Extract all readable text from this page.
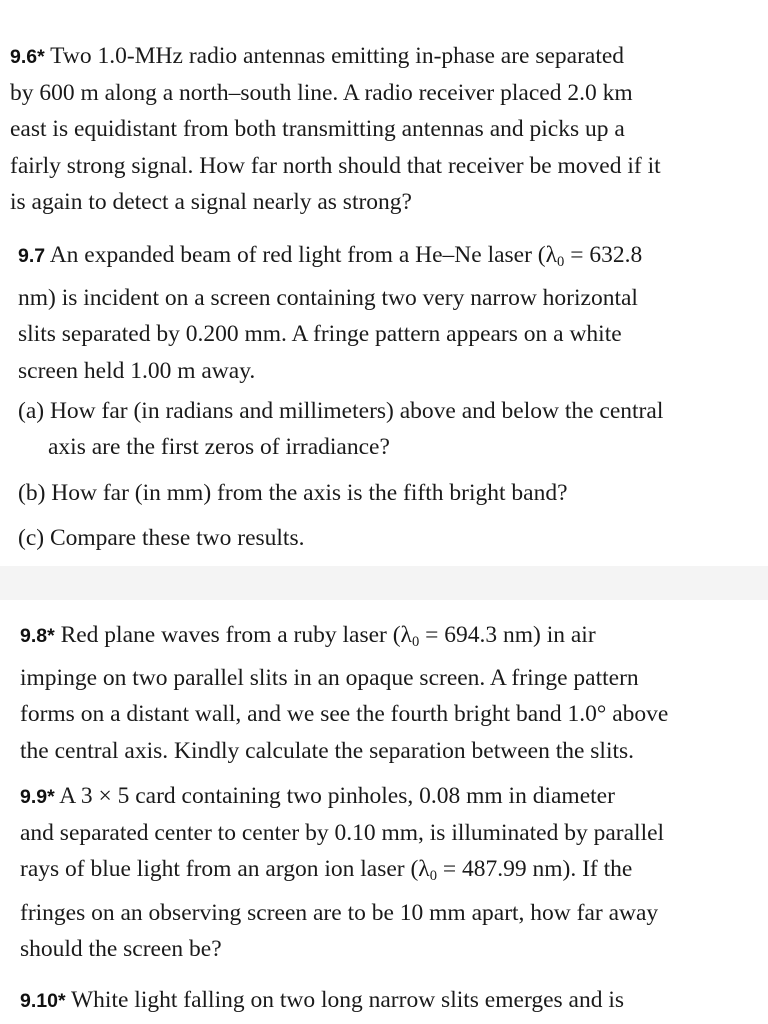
9.6* Two 1.0-MHz radio antennas emitting in-phase are separated
by 600 m along a north–south line. A radio receiver placed 2.0 km
east is equidistant from both transmitting antennas and picks up a
fairly strong signal. How far north should that receiver be moved if it
is again to detect a signal nearly as strong?
9.7 An expanded beam of red light from a He–Ne laser ($\lambda_0 = 632.8$
nm) is incident on a screen containing two very narrow horizontal
slits separated by 0.200 mm. A fringe pattern appears on a white
screen held 1.00 m away.
(a) How far (in radians and millimeters) above and below the central
axis are the first zeros of irradiance?
(b) How far (in mm) from the axis is the fifth bright band?
(c) Compare these two results.
9.8* Red plane waves from a ruby laser ($\lambda_0 = 694.3$ nm) in air
impinge on two parallel slits in an opaque screen. A fringe pattern
forms on a distant wall, and we see the fourth bright band 1.0° above
the central axis. Kindly calculate the separation between the slits.
9.9* A 3 × 5 card containing two pinholes, 0.08 mm in diameter
and separated center to center by 0.10 mm, is illuminated by parallel
rays of blue light from an argon ion laser ($\lambda_0 = 487.99$ nm). If the
fringes on an observing screen are to be 10 mm apart, how far away
should the screen be?
9.10* White light falling on two long narrow slits emerges and is
